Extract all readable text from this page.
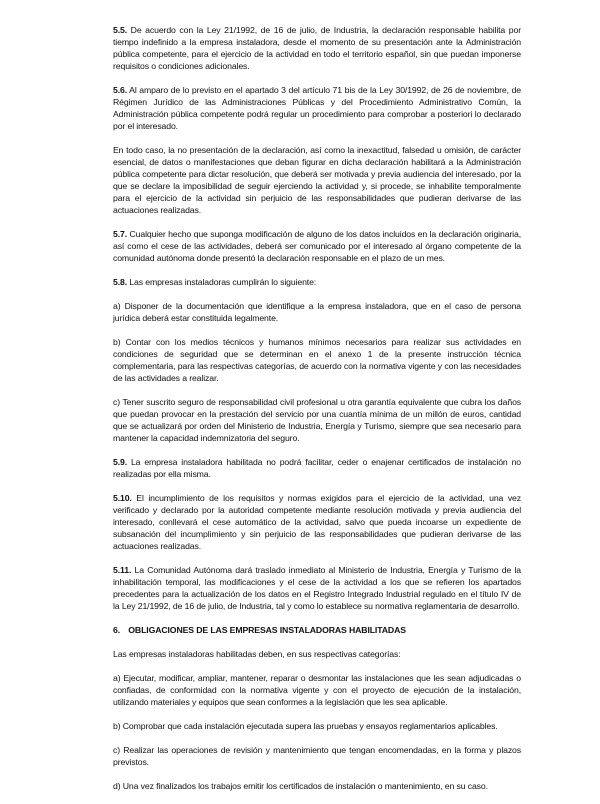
5.5. De acuerdo con la Ley 21/1992, de 16 de julio, de Industria, la declaración responsable habilita por tiempo indefinido a la empresa instaladora, desde el momento de su presentación ante la Administración pública competente, para el ejercicio de la actividad en todo el territorio español, sin que puedan imponerse requisitos o condiciones adicionales.

5.6. Al amparo de lo previsto en el apartado 3 del artículo 71 bis de la Ley 30/1992, de 26 de noviembre, de Régimen Jurídico de las Administraciones Públicas y del Procedimiento Administrativo Común, la Administración pública competente podrá regular un procedimiento para comprobar a posteriori lo declarado por el interesado.

En todo caso, la no presentación de la declaración, así como la inexactitud, falsedad u omisión, de carácter esencial, de datos o manifestaciones que deban figurar en dicha declaración habilitará a la Administración pública competente para dictar resolución, que deberá ser motivada y previa audiencia del interesado, por la que se declare la imposibilidad de seguir ejerciendo la actividad y, si procede, se inhabilite temporalmente para el ejercicio de la actividad sin perjuicio de las responsabilidades que pudieran derivarse de las actuaciones realizadas.

5.7. Cualquier hecho que suponga modificación de alguno de los datos incluidos en la declaración originaria, así como el cese de las actividades, deberá ser comunicado por el interesado al órgano competente de la comunidad autónoma donde presentó la declaración responsable en el plazo de un mes.

5.8. Las empresas instaladoras cumplirán lo siguiente:

a) Disponer de la documentación que identifique a la empresa instaladora, que en el caso de persona jurídica deberá estar constituida legalmente.

b) Contar con los medios técnicos y humanos mínimos necesarios para realizar sus actividades en condiciones de seguridad que se determinan en el anexo 1 de la presente instrucción técnica complementaria, para las respectivas categorías, de acuerdo con la normativa vigente y con las necesidades de las actividades a realizar.

c) Tener suscrito seguro de responsabilidad civil profesional u otra garantía equivalente que cubra los daños que puedan provocar en la prestación del servicio por una cuantía mínima de un millón de euros, cantidad que se actualizará por orden del Ministerio de Industria, Energía y Turismo, siempre que sea necesario para mantener la capacidad indemnizatoria del seguro.

5.9. La empresa instaladora habilitada no podrá facilitar, ceder o enajenar certificados de instalación no realizadas por ella misma.

5.10. El incumplimiento de los requisitos y normas exigidos para el ejercicio de la actividad, una vez verificado y declarado por la autoridad competente mediante resolución motivada y previa audiencia del interesado, conllevará el cese automático de la actividad, salvo que pueda incoarse un expediente de subsanación del incumplimiento y sin perjuicio de las responsabilidades que pudieran derivarse de las actuaciones realizadas.

5.11. La Comunidad Autónoma dará traslado inmediato al Ministerio de Industria, Energía y Turismo de la inhabilitación temporal, las modificaciones y el cese de la actividad a los que se refieren los apartados precedentes para la actualización de los datos en el Registro Integrado Industrial regulado en el título IV de la Ley 21/1992, de 16 de julio, de Industria, tal y como lo establece su normativa reglamentaria de desarrollo.

6. OBLIGACIONES DE LAS EMPRESAS INSTALADORAS HABILITADAS

Las empresas instaladoras habilitadas deben, en sus respectivas categorías:

a) Ejecutar, modificar, ampliar, mantener, reparar o desmontar las instalaciones que les sean adjudicadas o confiadas, de conformidad con la normativa vigente y con el proyecto de ejecución de la instalación, utilizando materiales y equipos que sean conformes a la legislación que les sea aplicable.

b) Comprobar que cada instalación ejecutada supera las pruebas y ensayos reglamentarios aplicables.

c) Realizar las operaciones de revisión y mantenimiento que tengan encomendadas, en la forma y plazos previstos.

d) Una vez finalizados los trabajos emitir los certificados de instalación o mantenimiento, en su caso.
